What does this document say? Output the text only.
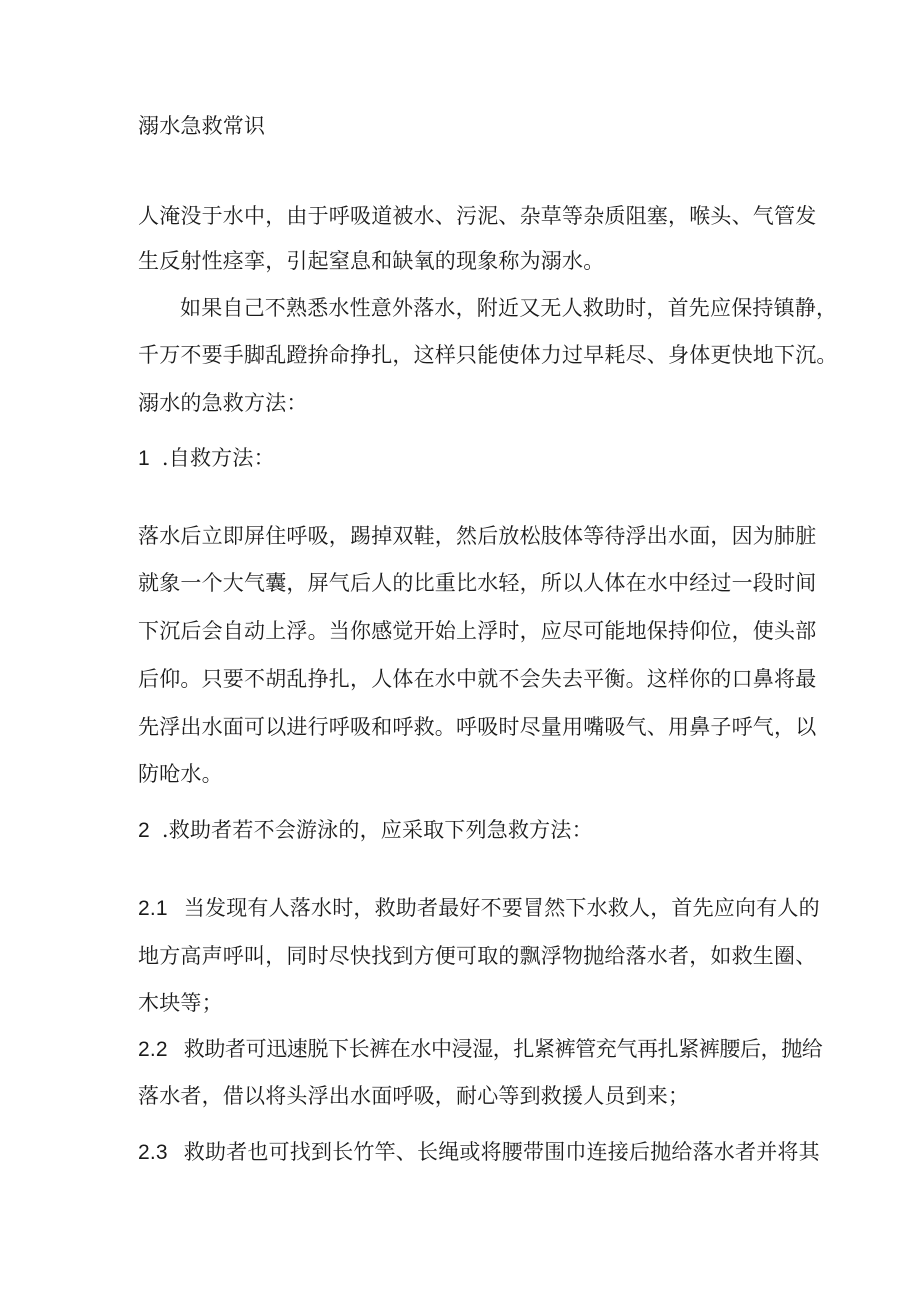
溺水急救常识
人淹没于水中，由于呼吸道被水、污泥、杂草等杂质阻塞，喉头、气管发
生反射性痉挛，引起窒息和缺氧的现象称为溺水。
如果自己不熟悉水性意外落水，附近又无人救助时，首先应保持镇静，
千万不要手脚乱蹬拚命挣扎，这样只能使体力过早耗尽、身体更快地下沉。
溺水的急救方法：
1 .自救方法：
落水后立即屏住呼吸，踢掉双鞋，然后放松肢体等待浮出水面，因为肺脏
就象一个大气囊，屏气后人的比重比水轻，所以人体在水中经过一段时间
下沉后会自动上浮。当你感觉开始上浮时，应尽可能地保持仰位，使头部
后仰。只要不胡乱挣扎，人体在水中就不会失去平衡。这样你的口鼻将最
先浮出水面可以进行呼吸和呼救。呼吸时尽量用嘴吸气、用鼻子呼气，以
防呛水。
2 .救助者若不会游泳的，应采取下列急救方法：
2.1 当发现有人落水时，救助者最好不要冒然下水救人，首先应向有人的
地方高声呼叫，同时尽快找到方便可取的飘浮物抛给落水者，如救生圈、
木块等；
2.2 救助者可迅速脱下长裤在水中浸湿，扎紧裤管充气再扎紧裤腰后，抛给
落水者，借以将头浮出水面呼吸，耐心等到救援人员到来；
2.3 救助者也可找到长竹竿、长绳或将腰带围巾连接后抛给落水者并将其
